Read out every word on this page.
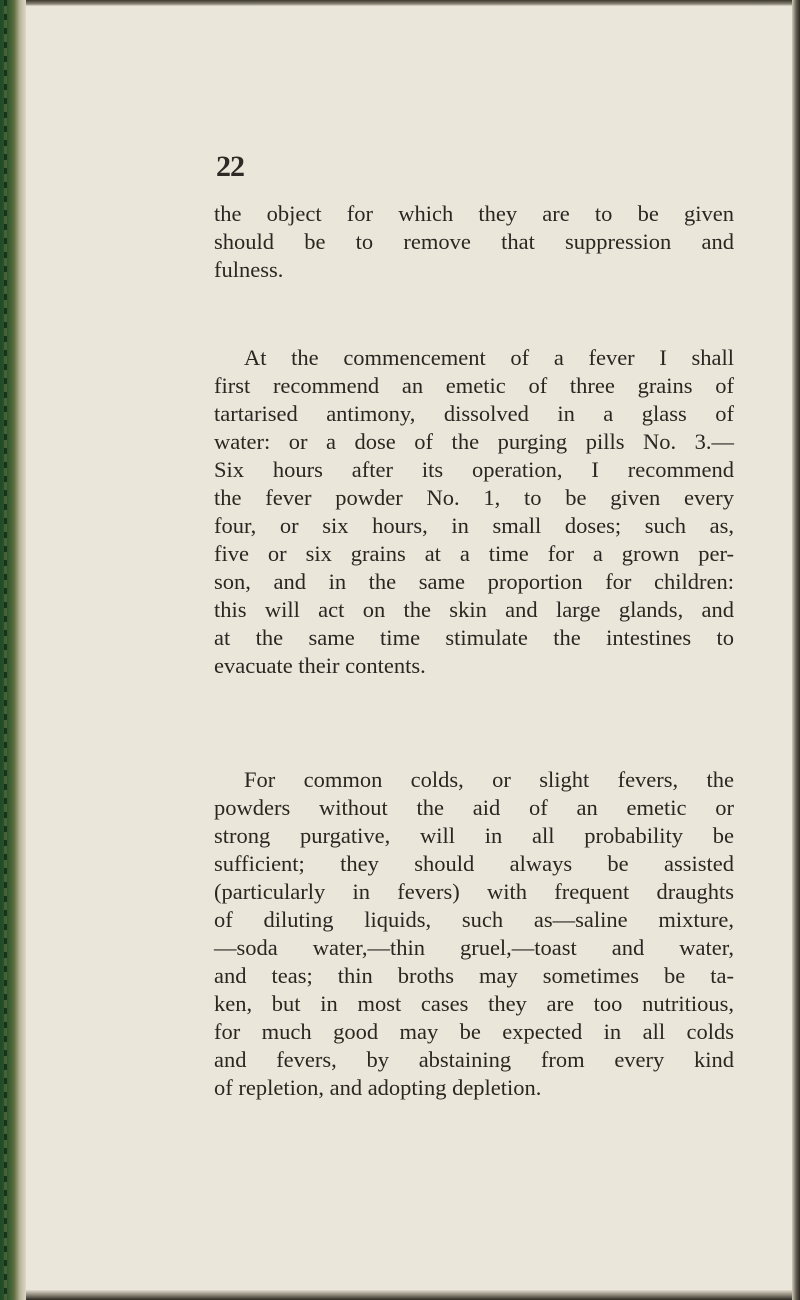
22
the object for which they are to be given
should be to remove that suppression and
fulness.
At the commencement of a fever I shall
first recommend an emetic of three grains of
tartarised antimony, dissolved in a glass of
water: or a dose of the purging pills No. 3.—
Six hours after its operation, I recommend
the fever powder No. 1, to be given every
four, or six hours, in small doses; such as,
five or six grains at a time for a grown per-
son, and in the same proportion for children:
this will act on the skin and large glands, and
at the same time stimulate the intestines to
evacuate their contents.
For common colds, or slight fevers, the
powders without the aid of an emetic or
strong purgative, will in all probability be
sufficient; they should always be assisted
(particularly in fevers) with frequent draughts
of diluting liquids, such as—saline mixture,
—soda water,—thin gruel,—toast and water,
and teas; thin broths may sometimes be ta-
ken, but in most cases they are too nutritious,
for much good may be expected in all colds
and fevers, by abstaining from every kind
of repletion, and adopting depletion.
